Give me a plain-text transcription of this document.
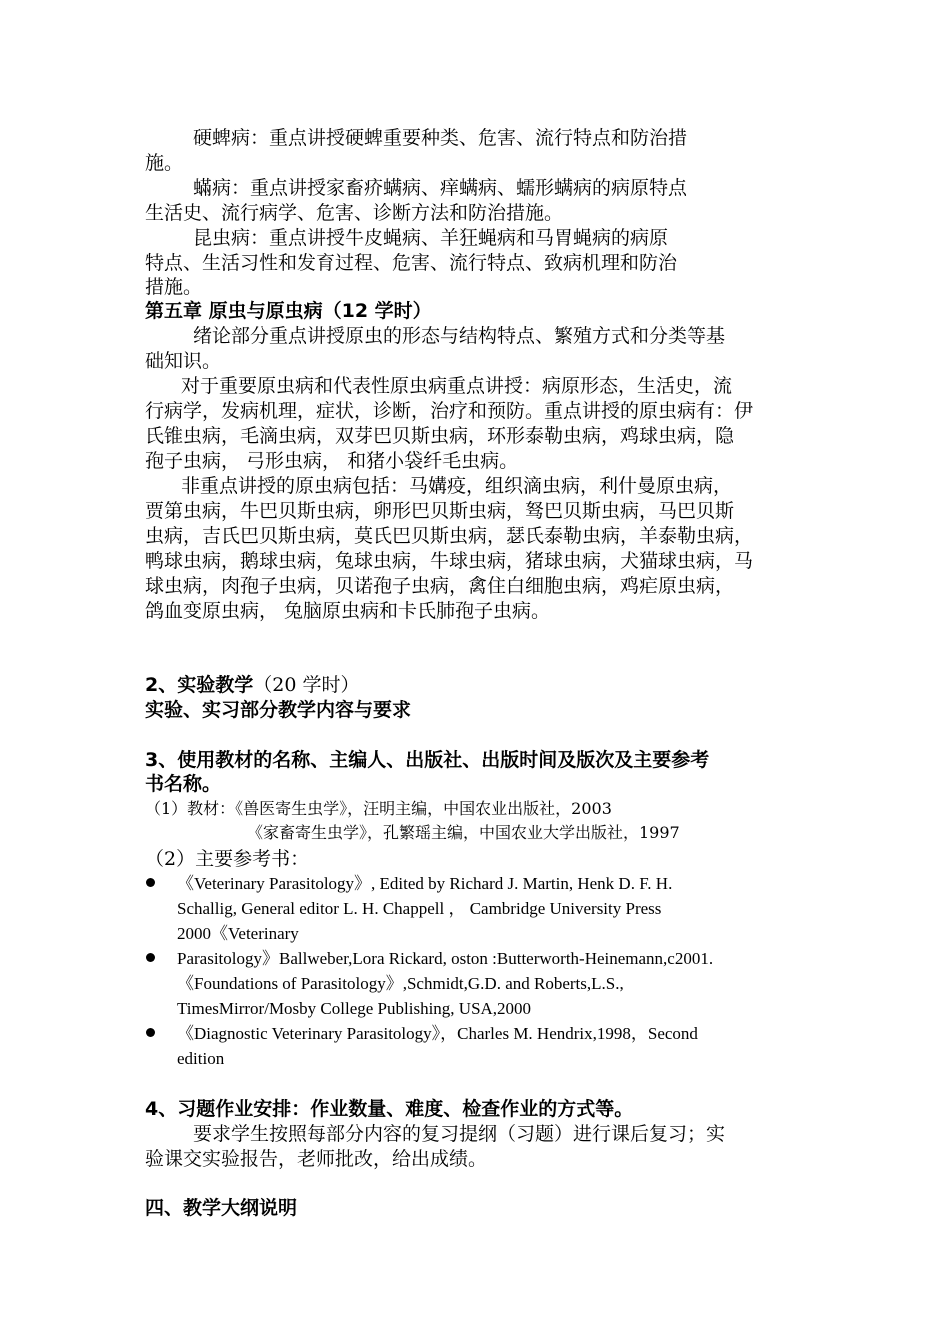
硬蜱病：重点讲授硬蜱重要种类、危害、流行特点和防治措
施。
蟎病：重点讲授家畜疥螨病、痒螨病、蠕形螨病的病原特点
生活史、流行病学、危害、诊断方法和防治措施。
昆虫病：重点讲授牛皮蝇病、羊狂蝇病和马胃蝇病的病原
特点、生活习性和发育过程、危害、流行特点、致病机理和防治
措施。
第五章 原虫与原虫病（12 学时）
绪论部分重点讲授原虫的形态与结构特点、繁殖方式和分类等基
础知识。
对于重要原虫病和代表性原虫病重点讲授：病原形态，生活史，流
行病学，发病机理，症状，诊断，治疗和预防。重点讲授的原虫病有：伊
氏锥虫病，毛滴虫病，双芽巴贝斯虫病，环形泰勒虫病，鸡球虫病，隐
孢子虫病， 弓形虫病， 和猪小袋纤毛虫病。
非重点讲授的原虫病包括：马媾疫，组织滴虫病，利什曼原虫病，
贾第虫病，牛巴贝斯虫病，卵形巴贝斯虫病，驽巴贝斯虫病，马巴贝斯
虫病，吉氏巴贝斯虫病，莫氏巴贝斯虫病，瑟氏泰勒虫病，羊泰勒虫病，
鸭球虫病，鹅球虫病，兔球虫病，牛球虫病，猪球虫病，犬猫球虫病，马
球虫病，肉孢子虫病，贝诺孢子虫病，禽住白细胞虫病，鸡疟原虫病，
鸽血变原虫病， 兔脑原虫病和卡氏肺孢子虫病。
2、实验教学（20 学时）
实验、实习部分教学内容与要求
3、使用教材的名称、主编人、出版社、出版时间及版次及主要参考
书名称。
（1）教材：《兽医寄生虫学》，汪明主编，中国农业出版社，2003
《家畜寄生虫学》，孔繁瑶主编，中国农业大学出版社，1997
（2）主要参考书：
《Veterinary Parasitology》, Edited by Richard J. Martin, Henk D. F. H.
Schallig, General editor L. H. Chappell ， Cambridge University Press
2000《Veterinary
Parasitology》Ballweber,Lora Rickard, oston :Butterworth-Heinemann,c2001.
《Foundations of Parasitology》,Schmidt,G.D. and Roberts,L.S.,
TimesMirror/Mosby College Publishing, USA,2000
《Diagnostic Veterinary Parasitology》，Charles M. Hendrix,1998，Second
edition
4、习题作业安排：作业数量、难度、检查作业的方式等。
要求学生按照每部分内容的复习提纲（习题）进行课后复习；实
验课交实验报告，老师批改，给出成绩。
四、教学大纲说明
